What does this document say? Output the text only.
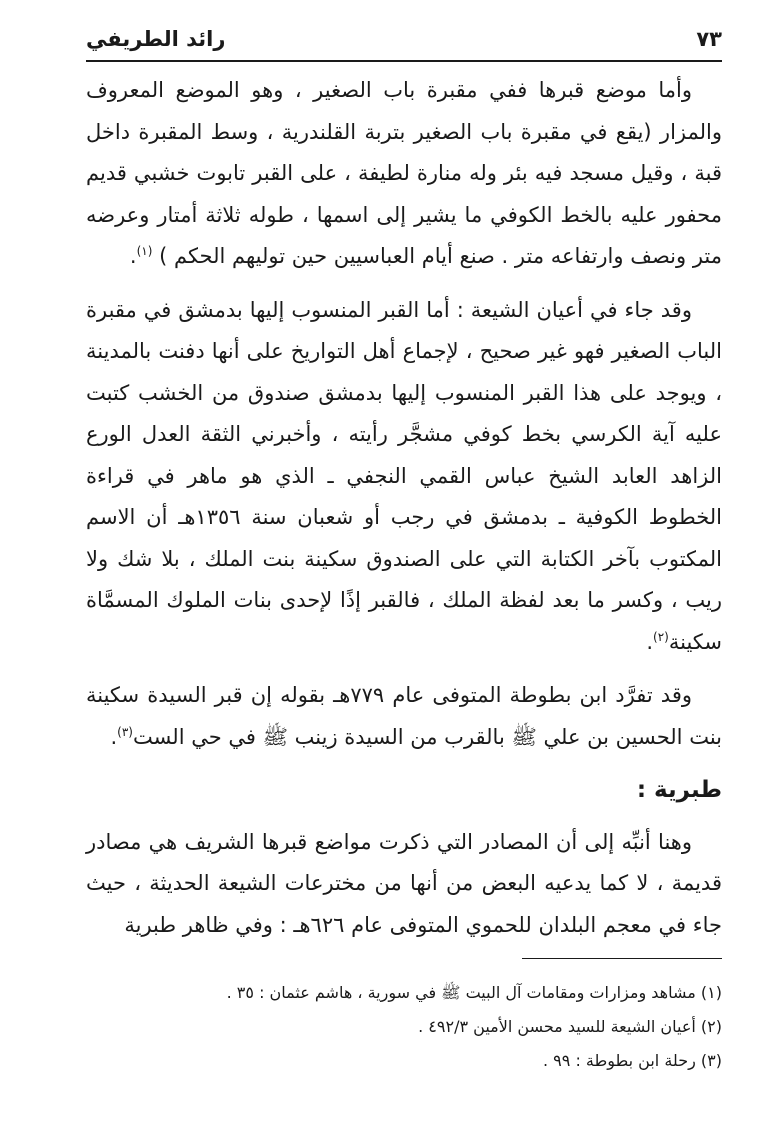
٧٣
رائد الطريفي

وأما موضع قبرها ففي مقبرة باب الصغير ، وهو الموضع المعروف والمزار (يقع في مقبرة باب الصغير بتربة القلندرية ، وسط المقبرة داخل قبة ، وقيل مسجد فيه بئر وله منارة لطيفة ، على القبر تابوت خشبي قديم محفور عليه بالخط الكوفي ما يشير إلى اسمها ، طوله ثلاثة أمتار وعرضه متر ونصف وارتفاعه متر . صنع أيام العباسيين حين توليهم الحكم ) $^{(١)}$.

وقد جاء في أعيان الشيعة : أما القبر المنسوب إليها بدمشق في مقبرة الباب الصغير فهو غير صحيح ، لإجماع أهل التواريخ على أنها دفنت بالمدينة ، ويوجد على هذا القبر المنسوب إليها بدمشق صندوق من الخشب كتبت عليه آية الكرسي بخط كوفي مشجَّر رأيته ، وأخبرني الثقة العدل الورع الزاهد العابد الشيخ عباس القمي النجفي ـ الذي هو ماهر في قراءة الخطوط الكوفية ـ بدمشق في رجب أو شعبان سنة ١٣٥٦هـ أن الاسم المكتوب بآخر الكتابة التي على الصندوق سكينة بنت الملك ، بلا شك ولا ريب ، وكسر ما بعد لفظة الملك ، فالقبر إذًا لإحدى بنات الملوك المسمَّاة سكينة$^{(٢)}$.

وقد تفرَّد ابن بطوطة المتوفى عام ٧٧٩هـ بقوله إن قبر السيدة سكينة بنت الحسين بن علي ﷺ بالقرب من السيدة زينب ﷺ في حي الست$^{(٣)}$.

طبرية :

وهنا أنبِّه إلى أن المصادر التي ذكرت مواضع قبرها الشريف هي مصادر قديمة ، لا كما يدعيه البعض من أنها من مخترعات الشيعة الحديثة ، حيث جاء في معجم البلدان للحموي المتوفى عام ٦٢٦هـ : وفي ظاهر طبرية

(١) مشاهد ومزارات ومقامات آل البيت ﷺ في سورية ، هاشم عثمان : ٣٥ .
(٢) أعيان الشيعة للسيد محسن الأمين ٤٩٢/٣ .
(٣) رحلة ابن بطوطة : ٩٩ .
